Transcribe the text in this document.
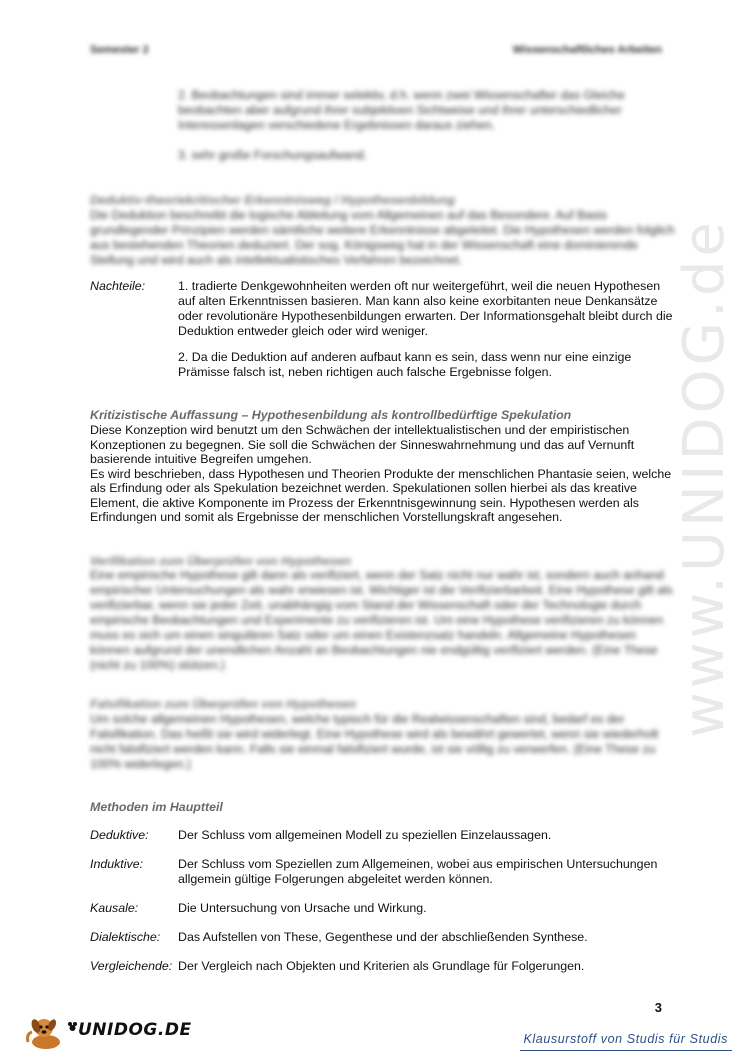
Semester 2	Wissenschaftliches Arbeiten
www.UNIDOG.de

2. Beobachtungen sind immer selektiv, d.h. wenn zwei Wissenschafter das Gleiche beobachten aber aufgrund ihrer subjektiven Sichtweise und ihrer unterschiedlicher Interessenlagen verschiedene Ergebnissen daraus ziehen.

3. sehr große Forschungsaufwand.

Deduktiv-theoriekritischer Erkenntnisweg / Hypothesenbildung

Die Deduktion beschreibt die logische Ableitung vom Allgemeinen auf das Besondere. Auf Basis grundlegender Prinzipien werden sämtliche weitere Erkenntnisse abgeleitet. Die Hypothesen werden folglich aus bestehenden Theorien deduziert. Der sog. Königsweg hat in der Wissenschaft eine dominierende Stellung und wird auch als intellektualistisches Verfahren bezeichnet.

Nachteile:	1. tradierte Denkgewohnheiten werden oft nur weitergeführt, weil die neuen Hypothesen auf alten Erkenntnissen basieren. Man kann also keine exorbitanten neue Denkansätze oder revolutionäre Hypothesenbildungen erwarten. Der Informationsgehalt bleibt durch die Deduktion entweder gleich oder wird weniger.
2. Da die Deduktion auf anderen aufbaut kann es sein, dass wenn nur eine einzige Prämisse falsch ist, neben richtigen auch falsche Ergebnisse folgen.
Kritizistische Auffassung – Hypothesenbildung als kontrollbedürftige Spekulation
Diese Konzeption wird benutzt um den Schwächen der intellektualistischen und der empiristischen Konzeptionen zu begegnen. Sie soll die Schwächen der Sinneswahrnehmung und das auf Vernunft basierende intuitive Begreifen umgehen.
Es wird beschrieben, dass Hypothesen und Theorien Produkte der menschlichen Phantasie seien, welche als Erfindung oder als Spekulation bezeichnet werden. Spekulationen sollen hierbei als das kreative Element, die aktive Komponente im Prozess der Erkenntnisgewinnung sein. Hypothesen werden als Erfindungen und somit als Ergebnisse der menschlichen Vorstellungskraft angesehen.

Verifikation zum Überprüfen von Hypothesen

Eine empirische Hypothese gilt dann als verifiziert, wenn der Satz nicht nur wahr ist, sondern auch anhand empirischer Untersuchungen als wahr erwiesen ist. Wichtiger ist die Verifizierbarkeit. Eine Hypothese gilt als verifizierbar, wenn sie jeder Zeit, unabhängig vom Stand der Wissenschaft oder der Technologie durch empirische Beobachtungen und Experimente zu verifizieren ist. Um eine Hypothese verifizieren zu können muss es sich um einen singulären Satz oder um einen Existenzsatz handeln. Allgemeine Hypothesen können aufgrund der unendlichen Anzahl an Beobachtungen nie endgültig verifiziert werden. (Eine These (nicht zu 100%) stützen.)

Falsifikation zum Überprüfen von Hypothesen

Um solche allgemeinen Hypothesen, welche typisch für die Realwissenschaften sind, bedarf es der Falsifikation. Das heißt sie wird widerlegt. Eine Hypothese wird als bewährt gewertet, wenn sie wiederholt nicht falsifiziert werden kann. Falls sie einmal falsifiziert wurde, ist sie völlig zu verwerfen. (Eine These zu 100% widerlegen.)

Methoden im Hauptteil
Deduktive: Der Schluss vom allgemeinen Modell zu speziellen Einzelaussagen.
Induktive:	Der Schluss vom Speziellen zum Allgemeinen, wobei aus empirischen Untersuchungen allgemein gültige Folgerungen abgeleitet werden können.
Kausale:	Die Untersuchung von Ursache und Wirkung.
Dialektische: Das Aufstellen von These, Gegenthese und der abschließenden Synthese.
Vergleichende: Der Vergleich nach Objekten und Kriterien als Grundlage für Folgerungen.
3
UNIDOG.DE	Klausurstoff von Studis für Studis
